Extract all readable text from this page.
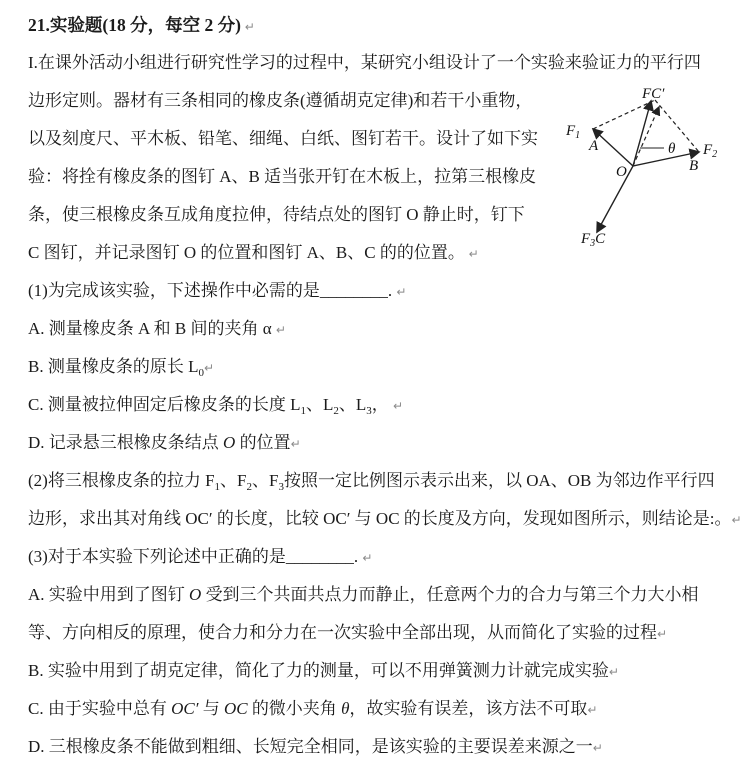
21.实验题(18 分，每空 2 分) ↵
I.在课外活动小组进行研究性学习的过程中，某研究小组设计了一个实验来验证力的平行四
边形定则。器材有三条相同的橡皮条(遵循胡克定律)和若干小重物，
以及刻度尺、平木板、铅笔、细绳、白纸、图钉若干。设计了如下实
验：将拴有橡皮条的图钉 A、B 适当张开钉在木板上，拉第三根橡皮
条，使三根橡皮条互成角度拉伸，待结点处的图钉 O 静止时，钉下
C 图钉，并记录图钉 O 的位置和图钉 A、B、C 的的位置。 ↵
(1)为完成该实验，下述操作中必需的是________. ↵
A. 测量橡皮条 A 和 B 间的夹角 α ↵
B. 测量橡皮条的原长 $L_0↵$
C. 测量被拉伸固定后橡皮条的长度 $L_1$、$L_2$、$L_3$， ↵
D. 记录悬三根橡皮条结点 O 的位置↵
(2)将三根橡皮条的拉力 $F_1$、$F_2$、$F_3$按照一定比例图示表示出来，以 OA、OB 为邻边作平行四
边形，求出其对角线 OC′ 的长度，比较 OC′ 与 OC 的长度及方向，发现如图所示，则结论是:。↵
(3)对于本实验下列论述中正确的是________. ↵
A. 实验中用到了图钉 O 受到三个共面共点力而静止，任意两个力的合力与第三个力大小相
等、方向相反的原理，使合力和分力在一次实验中全部出现，从而简化了实验的过程↵
B. 实验中用到了胡克定律，简化了力的测量，可以不用弹簧测力计就完成实验↵
C. 由于实验中总有 OC′ 与 OC 的微小夹角 θ，故实验有误差，该方法不可取↵
D. 三根橡皮条不能做到粗细、长短完全相同，是该实验的主要误差来源之一↵
FC′
$F_1$
A
O
θ $F_2$
B
$F_3C$
